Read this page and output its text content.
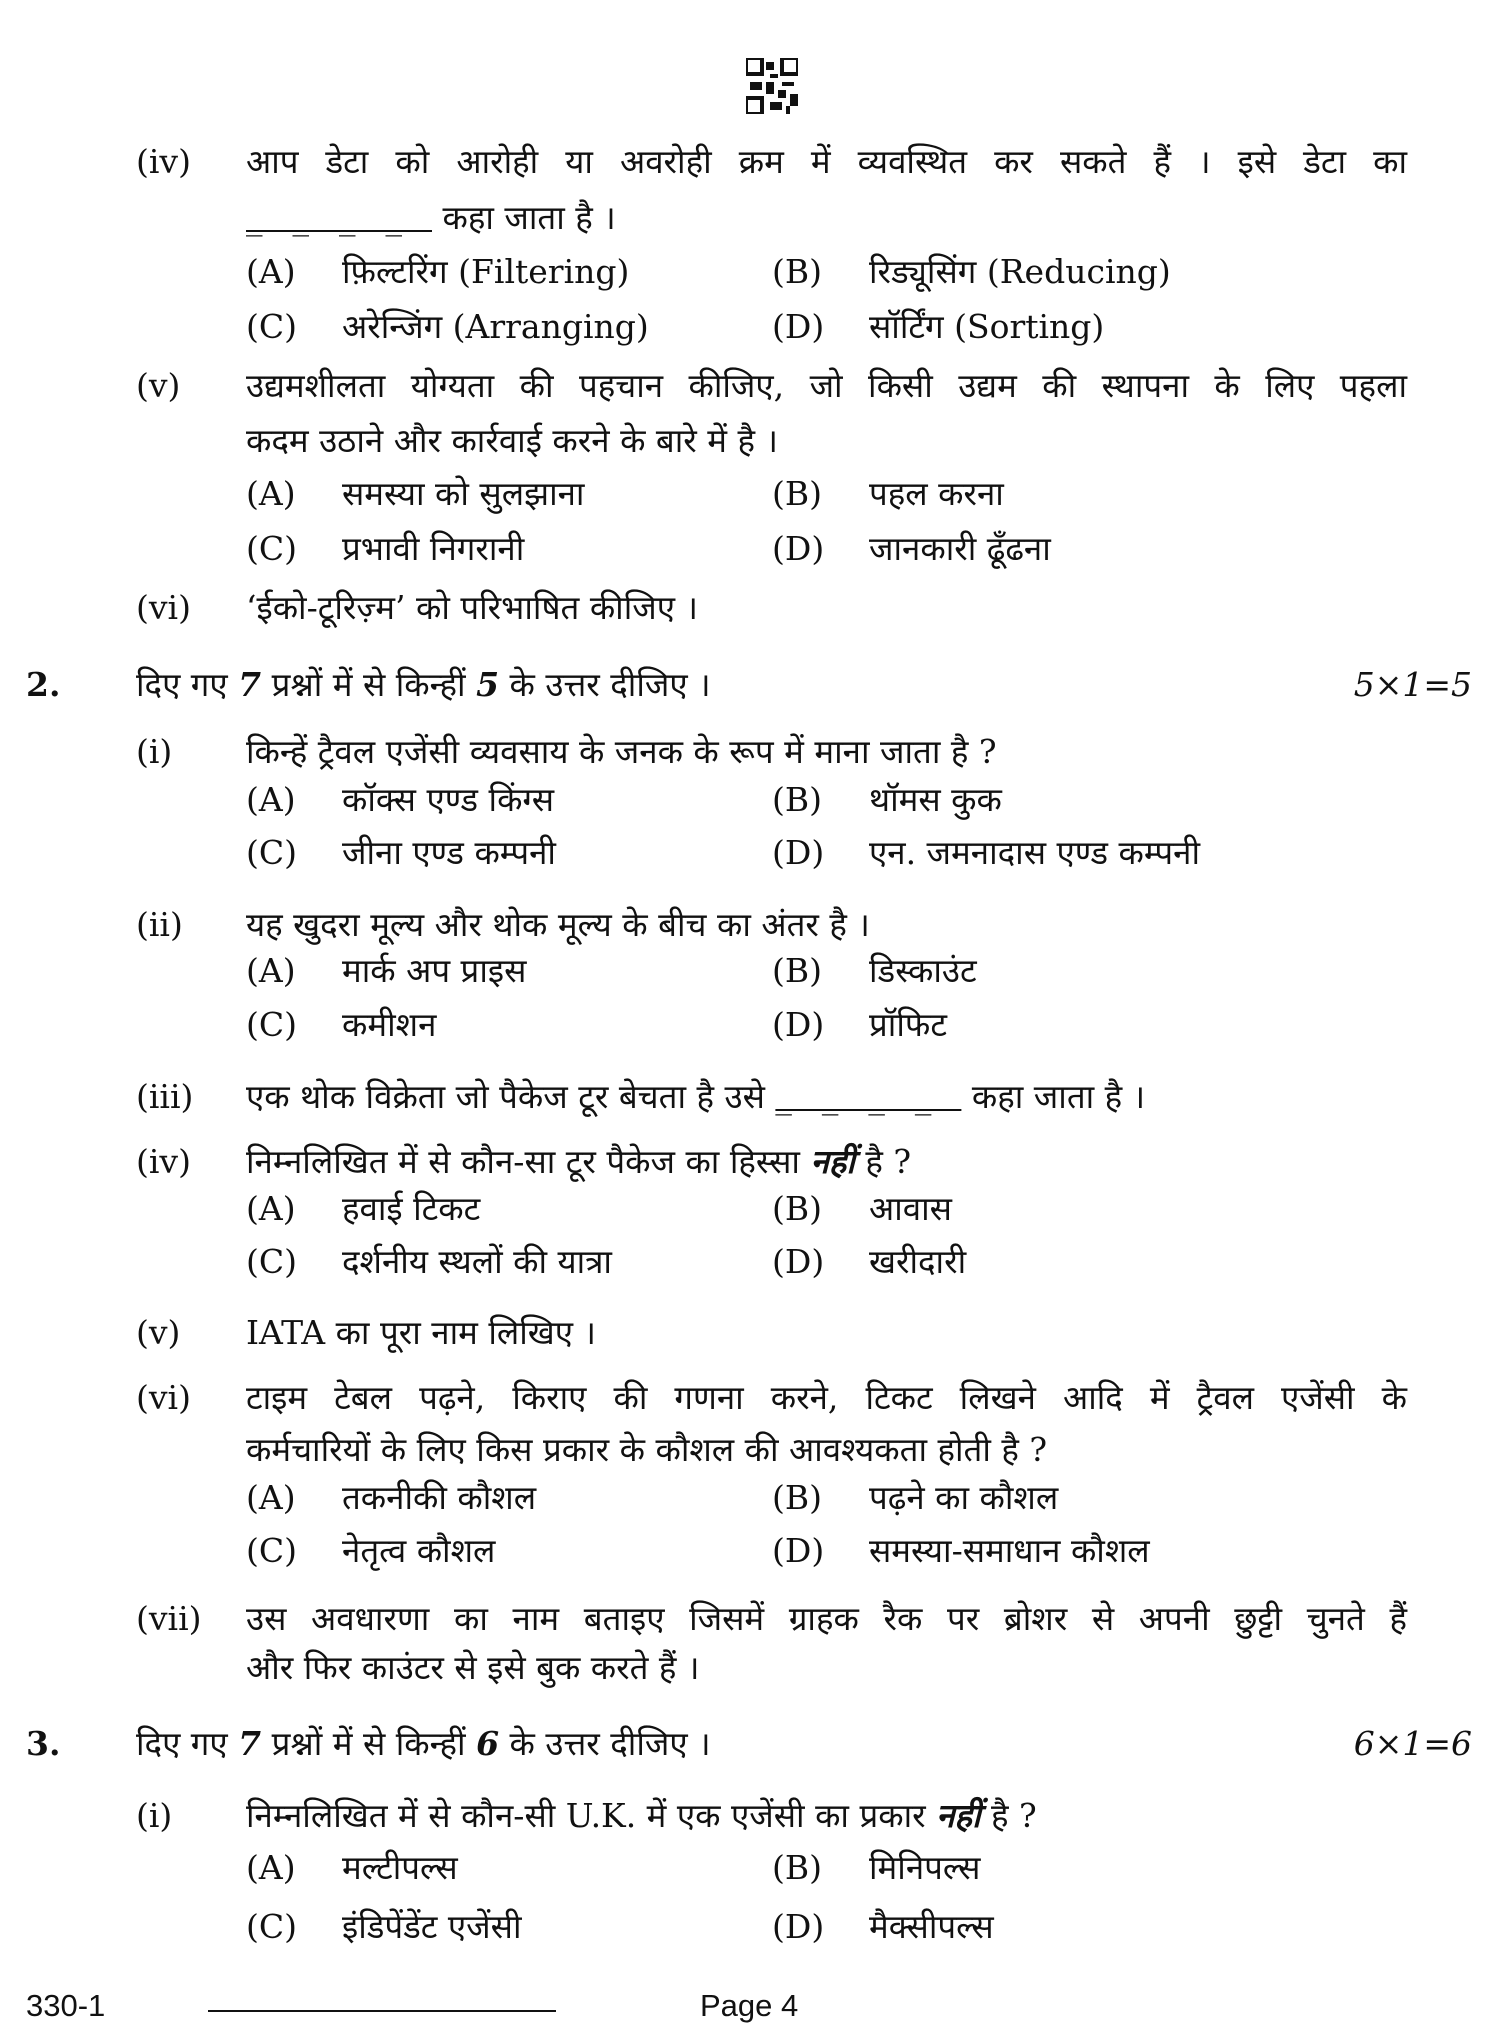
(iv) आप डेटा को आरोही या अवरोही क्रम में व्यवस्थित कर सकते हैं । इसे डेटा का
____ कहा जाता है ।
(A) फ़िल्टरिंग (Filtering)	(B) रिड्यूसिंग (Reducing)
(C) अरेन्जिंग (Arranging)	(D) सॉर्टिंग (Sorting)
(v) उद्यमशीलता योग्यता की पहचान कीजिए, जो किसी उद्यम की स्थापना के लिए पहला
कदम उठाने और कार्रवाई करने के बारे में है ।
(A) समस्या को सुलझाना	(B) पहल करना
(C) प्रभावी निगरानी	(D) जानकारी ढूँढना
(vi) ‘ईको-टूरिज़्म’ को परिभाषित कीजिए ।
2. दिए गए 7 प्रश्नों में से किन्हीं 5 के उत्तर दीजिए ।	5×1=5
(i) किन्हें ट्रैवल एजेंसी व्यवसाय के जनक के रूप में माना जाता है ?
(A) कॉक्स एण्ड किंग्स	(B) थॉमस कुक
(C) जीना एण्ड कम्पनी	(D) एन. जमनादास एण्ड कम्पनी
(ii) यह खुदरा मूल्य और थोक मूल्य के बीच का अंतर है ।
(A) मार्क अप प्राइस	(B) डिस्काउंट
(C) कमीशन	(D) प्रॉफिट
(iii) एक थोक विक्रेता जो पैकेज टूर बेचता है उसे ____ कहा जाता है ।
(iv) निम्नलिखित में से कौन-सा टूर पैकेज का हिस्सा नहीं है ?
(A) हवाई टिकट	(B) आवास
(C) दर्शनीय स्थलों की यात्रा	(D) खरीदारी
(v) IATA का पूरा नाम लिखिए ।
(vi) टाइम टेबल पढ़ने, किराए की गणना करने, टिकट लिखने आदि में ट्रैवल एजेंसी के
कर्मचारियों के लिए किस प्रकार के कौशल की आवश्यकता होती है ?
(A) तकनीकी कौशल	(B) पढ़ने का कौशल
(C) नेतृत्व कौशल	(D) समस्या-समाधान कौशल
(vii) उस अवधारणा का नाम बताइए जिसमें ग्राहक रैक पर ब्रोशर से अपनी छुट्टी चुनते हैं
और फिर काउंटर से इसे बुक करते हैं ।
3. दिए गए 7 प्रश्नों में से किन्हीं 6 के उत्तर दीजिए ।	6×1=6
(i) निम्नलिखित में से कौन-सी U.K. में एक एजेंसी का प्रकार नहीं है ?
(A) मल्टीपल्स	(B) मिनिपल्स
(C) इंडिपेंडेंट एजेंसी	(D) मैक्सीपल्स
330-1	Page 4
